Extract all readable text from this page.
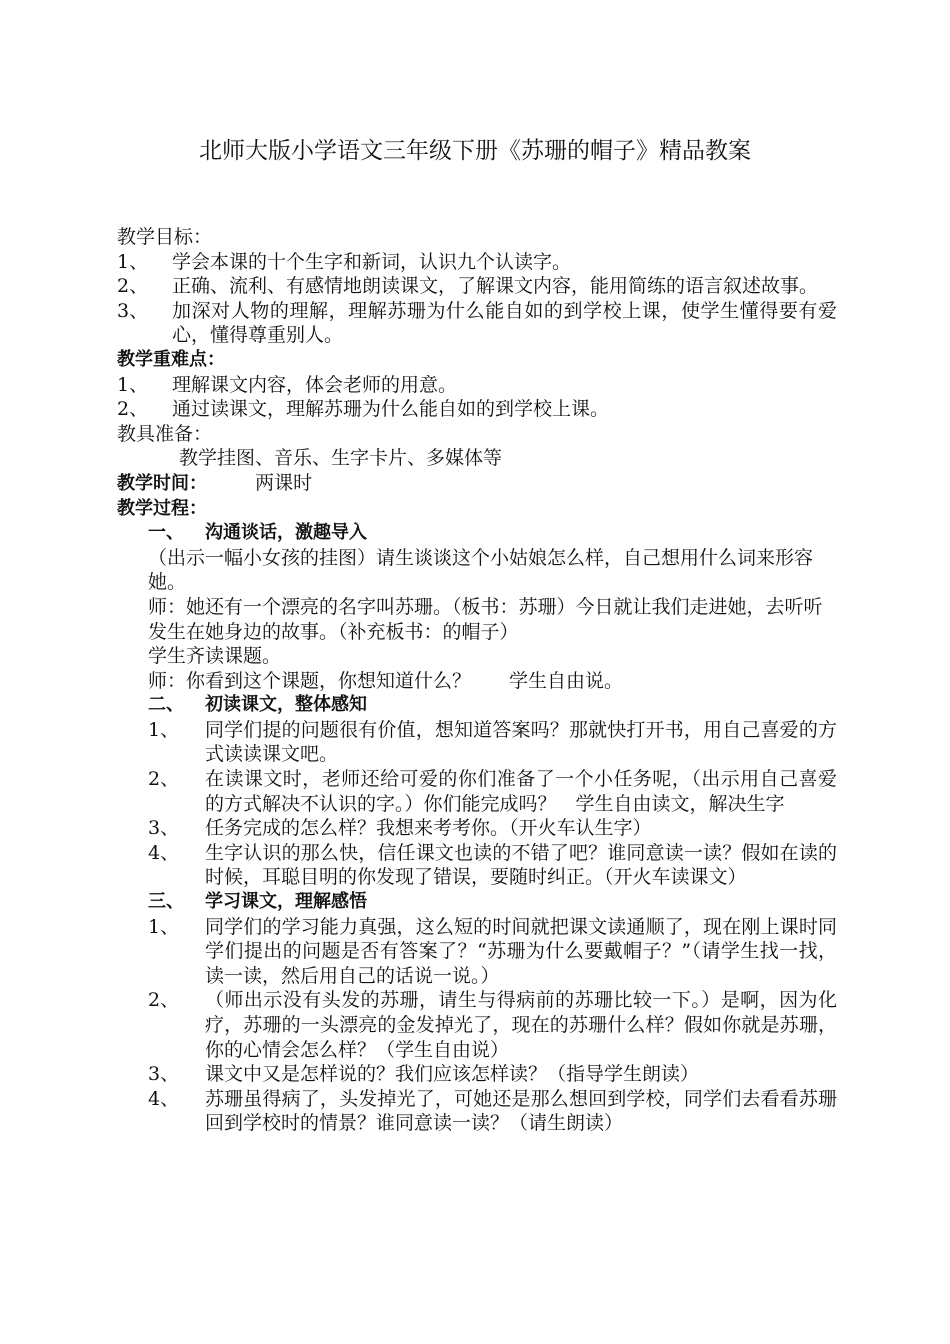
北师大版小学语文三年级下册《苏珊的帽子》精品教案
教学目标：
1、	学会本课的十个生字和新词，认识九个认读字。
2、	正确、流利、有感情地朗读课文，了解课文内容，能用简练的语言叙述故事。
3、	加深对人物的理解，理解苏珊为什么能自如的到学校上课，使学生懂得要有爱心，懂得尊重别人。
教学重难点：
1、	理解课文内容，体会老师的用意。
2、	通过读课文，理解苏珊为什么能自如的到学校上课。
教具准备：
教学挂图、音乐、生字卡片、多媒体等
教学时间：	两课时
教学过程：
一、	沟通谈话，激趣导入
（出示一幅小女孩的挂图）请生谈谈这个小姑娘怎么样，自己想用什么词来形容她。
师：她还有一个漂亮的名字叫苏珊。（板书：苏珊）今日就让我们走进她，去听听发生在她身边的故事。（补充板书：的帽子）
学生齐读课题。
师：你看到这个课题，你想知道什么？　　学生自由说。
二、	初读课文，整体感知
1、	同学们提的问题很有价值，想知道答案吗？那就快打开书，用自己喜爱的方式读读课文吧。
2、	在读课文时，老师还给可爱的你们准备了一个小任务呢，（出示用自己喜爱的方式解决不认识的字。）你们能完成吗？　学生自由读文，解决生字
3、	任务完成的怎么样？我想来考考你。（开火车认生字）
4、	生字认识的那么快，信任课文也读的不错了吧？谁同意读一读？假如在读的时候，耳聪目明的你发现了错误，要随时纠正。（开火车读课文）
三、	学习课文，理解感悟
1、	同学们的学习能力真强，这么短的时间就把课文读通顺了，现在刚上课时同学们提出的问题是否有答案了？“苏珊为什么要戴帽子？”（请学生找一找，读一读，然后用自己的话说一说。）
2、	（师出示没有头发的苏珊，请生与得病前的苏珊比较一下。）是啊，因为化疗，苏珊的一头漂亮的金发掉光了，现在的苏珊什么样？假如你就是苏珊，你的心情会怎么样？（学生自由说）
3、	课文中又是怎样说的？我们应该怎样读？（指导学生朗读）
4、	苏珊虽得病了，头发掉光了，可她还是那么想回到学校，同学们去看看苏珊回到学校时的情景？谁同意读一读？（请生朗读）
